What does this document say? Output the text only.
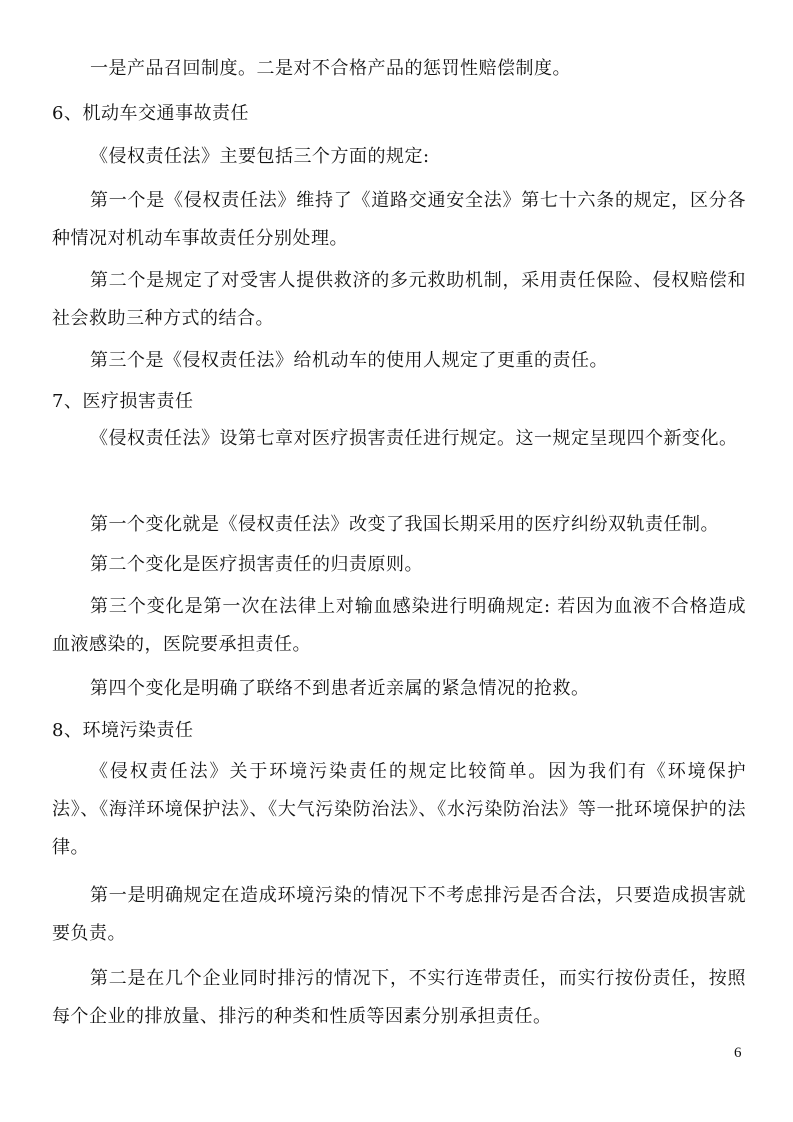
一是产品召回制度。二是对不合格产品的惩罚性赔偿制度。

6、机动车交通事故责任

《侵权责任法》主要包括三个方面的规定:

第一个是《侵权责任法》维持了《道路交通安全法》第七十六条的规定，区分各种情况对机动车事故责任分别处理。

第二个是规定了对受害人提供救济的多元救助机制，采用责任保险、侵权赔偿和社会救助三种方式的结合。

第三个是《侵权责任法》给机动车的使用人规定了更重的责任。

7、医疗损害责任

《侵权责任法》设第七章对医疗损害责任进行规定。这一规定呈现四个新变化。

第一个变化就是《侵权责任法》改变了我国长期采用的医疗纠纷双轨责任制。

第二个变化是医疗损害责任的归责原则。

第三个变化是第一次在法律上对输血感染进行明确规定: 若因为血液不合格造成血液感染的，医院要承担责任。

第四个变化是明确了联络不到患者近亲属的紧急情况的抢救。

8、环境污染责任

《侵权责任法》关于环境污染责任的规定比较简单。因为我们有《环境保护法》、《海洋环境保护法》、《大气污染防治法》、《水污染防治法》等一批环境保护的法律。

第一是明确规定在造成环境污染的情况下不考虑排污是否合法，只要造成损害就要负责。

第二是在几个企业同时排污的情况下，不实行连带责任，而实行按份责任，按照每个企业的排放量、排污的种类和性质等因素分别承担责任。

6
